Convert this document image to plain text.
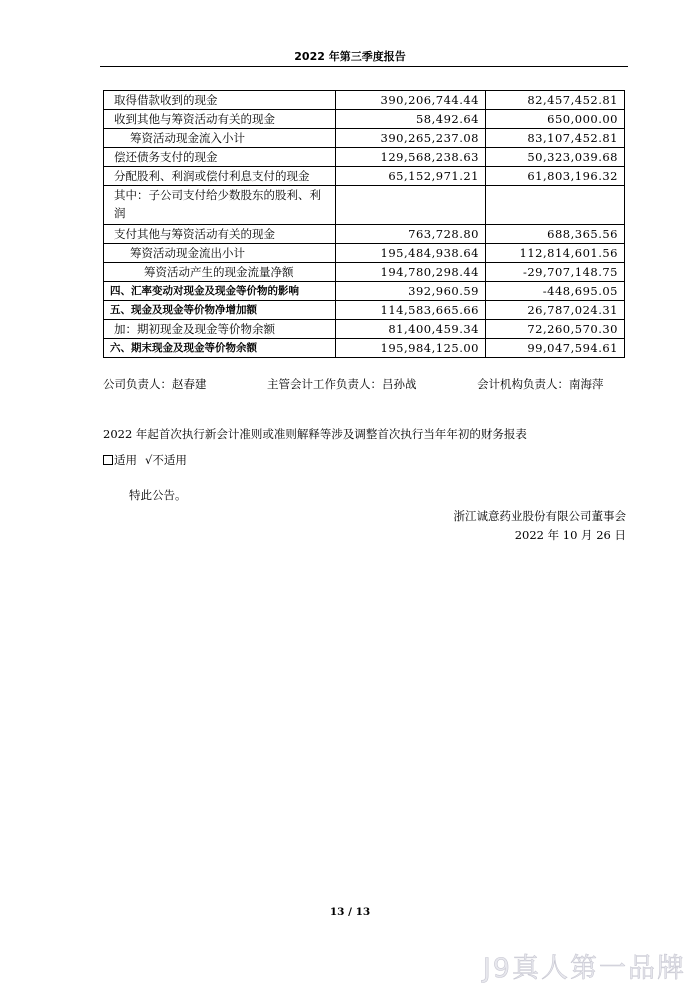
2022 年第三季度报告
取得借款收到的现金	390,206,744.44	82,457,452.81
收到其他与筹资活动有关的现金	58,492.64	650,000.00
筹资活动现金流入小计	390,265,237.08	83,107,452.81
偿还债务支付的现金	129,568,238.63	50,323,039.68
分配股利、利润或偿付利息支付的现金	65,152,971.21	61,803,196.32
其中：子公司支付给少数股东的股利、利润		
支付其他与筹资活动有关的现金	763,728.80	688,365.56
筹资活动现金流出小计	195,484,938.64	112,814,601.56
筹资活动产生的现金流量净额	194,780,298.44	-29,707,148.75
四、汇率变动对现金及现金等价物的影响	392,960.59	-448,695.05
五、现金及现金等价物净增加额	114,583,665.66	26,787,024.31
加：期初现金及现金等价物余额	81,400,459.34	72,260,570.30
六、期末现金及现金等价物余额	195,984,125.00	99,047,594.61
公司负责人：赵春建	主管会计工作负责人：吕孙战	会计机构负责人：南海萍
2022 年起首次执行新会计准则或准则解释等涉及调整首次执行当年年初的财务报表
适用 √不适用
特此公告。
浙江诚意药业股份有限公司董事会
2022 年 10 月 26 日
13 / 13
J9真人第一品牌
